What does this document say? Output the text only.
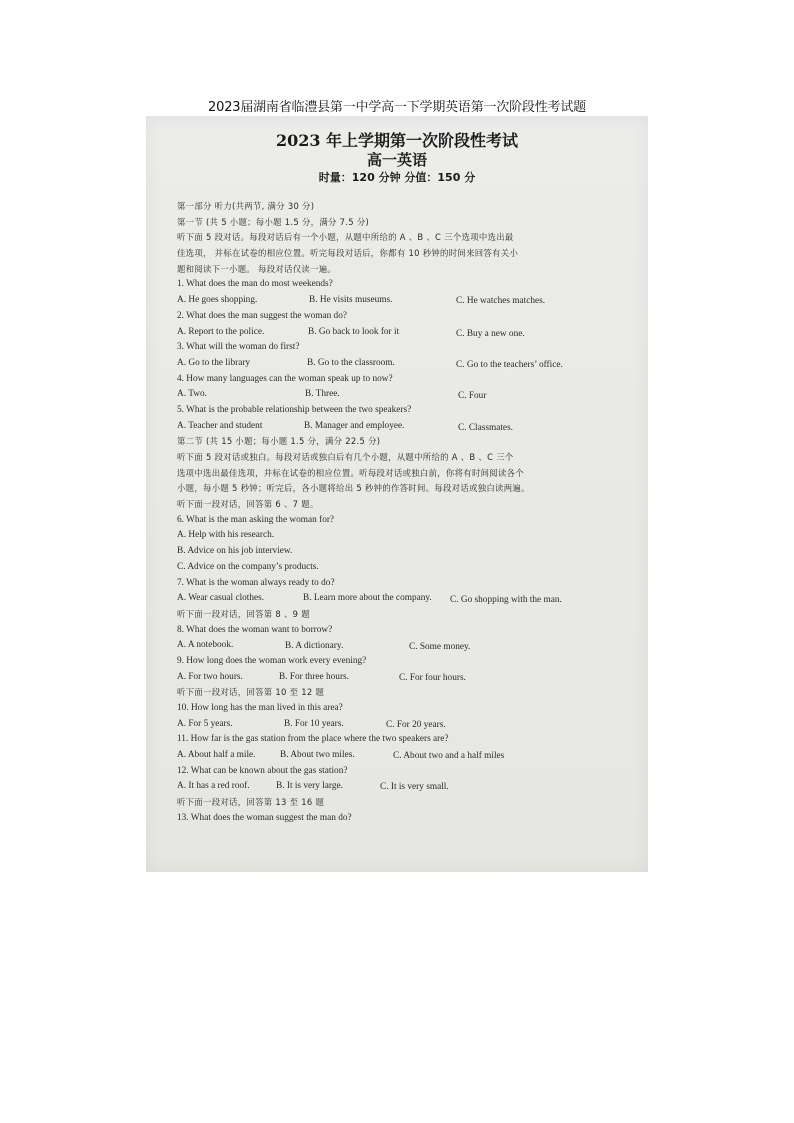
2023届湖南省临澧县第一中学高一下学期英语第一次阶段性考试题
2023 年上学期第一次阶段性考试
高一英语
时量：120 分钟 分值：150 分
第一部分 听力(共两节, 满分 30 分)
第一节 (共 5 小题；每小题 1.5 分，满分 7.5 分)
听下面 5 段对话。每段对话后有一个小题，从题中所给的 A 、B 、C 三个选项中选出最
佳选项， 并标在试卷的相应位置。听完每段对话后，你都有 10 秒钟的时间来回答有关小
题和阅读下一小题。 每段对话仅读一遍。
1. What does the man do most weekends?
A. He goes shopping.	B. He visits museums.	C. He watches matches.
2. What does the man suggest the woman do?
A. Report to the police.	B. Go back to look for it	C. Buy a new one.
3. What will the woman do first?
A. Go to the library	B. Go to the classroom.	C. Go to the teachers’ office.
4. How many languages can the woman speak up to now?
A. Two.	B. Three.	C. Four
5. What is the probable relationship between the two speakers?
A. Teacher and student	B. Manager and employee.	C. Classmates.
第二节 (共 15 小题；每小题 1.5 分，满分 22.5 分)
听下面 5 段对话或独白。每段对话或独白后有几个小题，从题中所给的 A 、B 、C 三个
选项中选出最佳选项，并标在试卷的相应位置。听每段对话或独白前，你将有时间阅读各个
小题，每小题 5 秒钟；听完后，各小题将给出 5 秒钟的作答时间。每段对话或独白读两遍。
听下面一段对话，回答第 6 、7 题。
6. What is the man asking the woman for?
A. Help with his research.
B. Advice on his job interview.
C. Advice on the company’s products.
7. What is the woman always ready to do?
A. Wear casual clothes.	B. Learn more about the company. C. Go shopping with the man.
听下面一段对话，回答第 8 、9 题
8. What does the woman want to borrow?
A. A notebook.	B. A dictionary.	C. Some money.
9. How long does the woman work every evening?
A. For two hours.	B. For three hours.	C. For four hours.
听下面一段对话，回答第 10 至 12 题
10. How long has the man lived in this area?
A. For 5 years.	B. For 10 years.	C. For 20 years.
11. How far is the gas station from the place where the two speakers are?
A. About half a mile.	B. About two miles.	C. About two and a half miles
12. What can be known about the gas station?
A. It has a red roof.	B. It is very large.	C. It is very small.
听下面一段对话，回答第 13 至 16 题
13. What does the woman suggest the man do?
